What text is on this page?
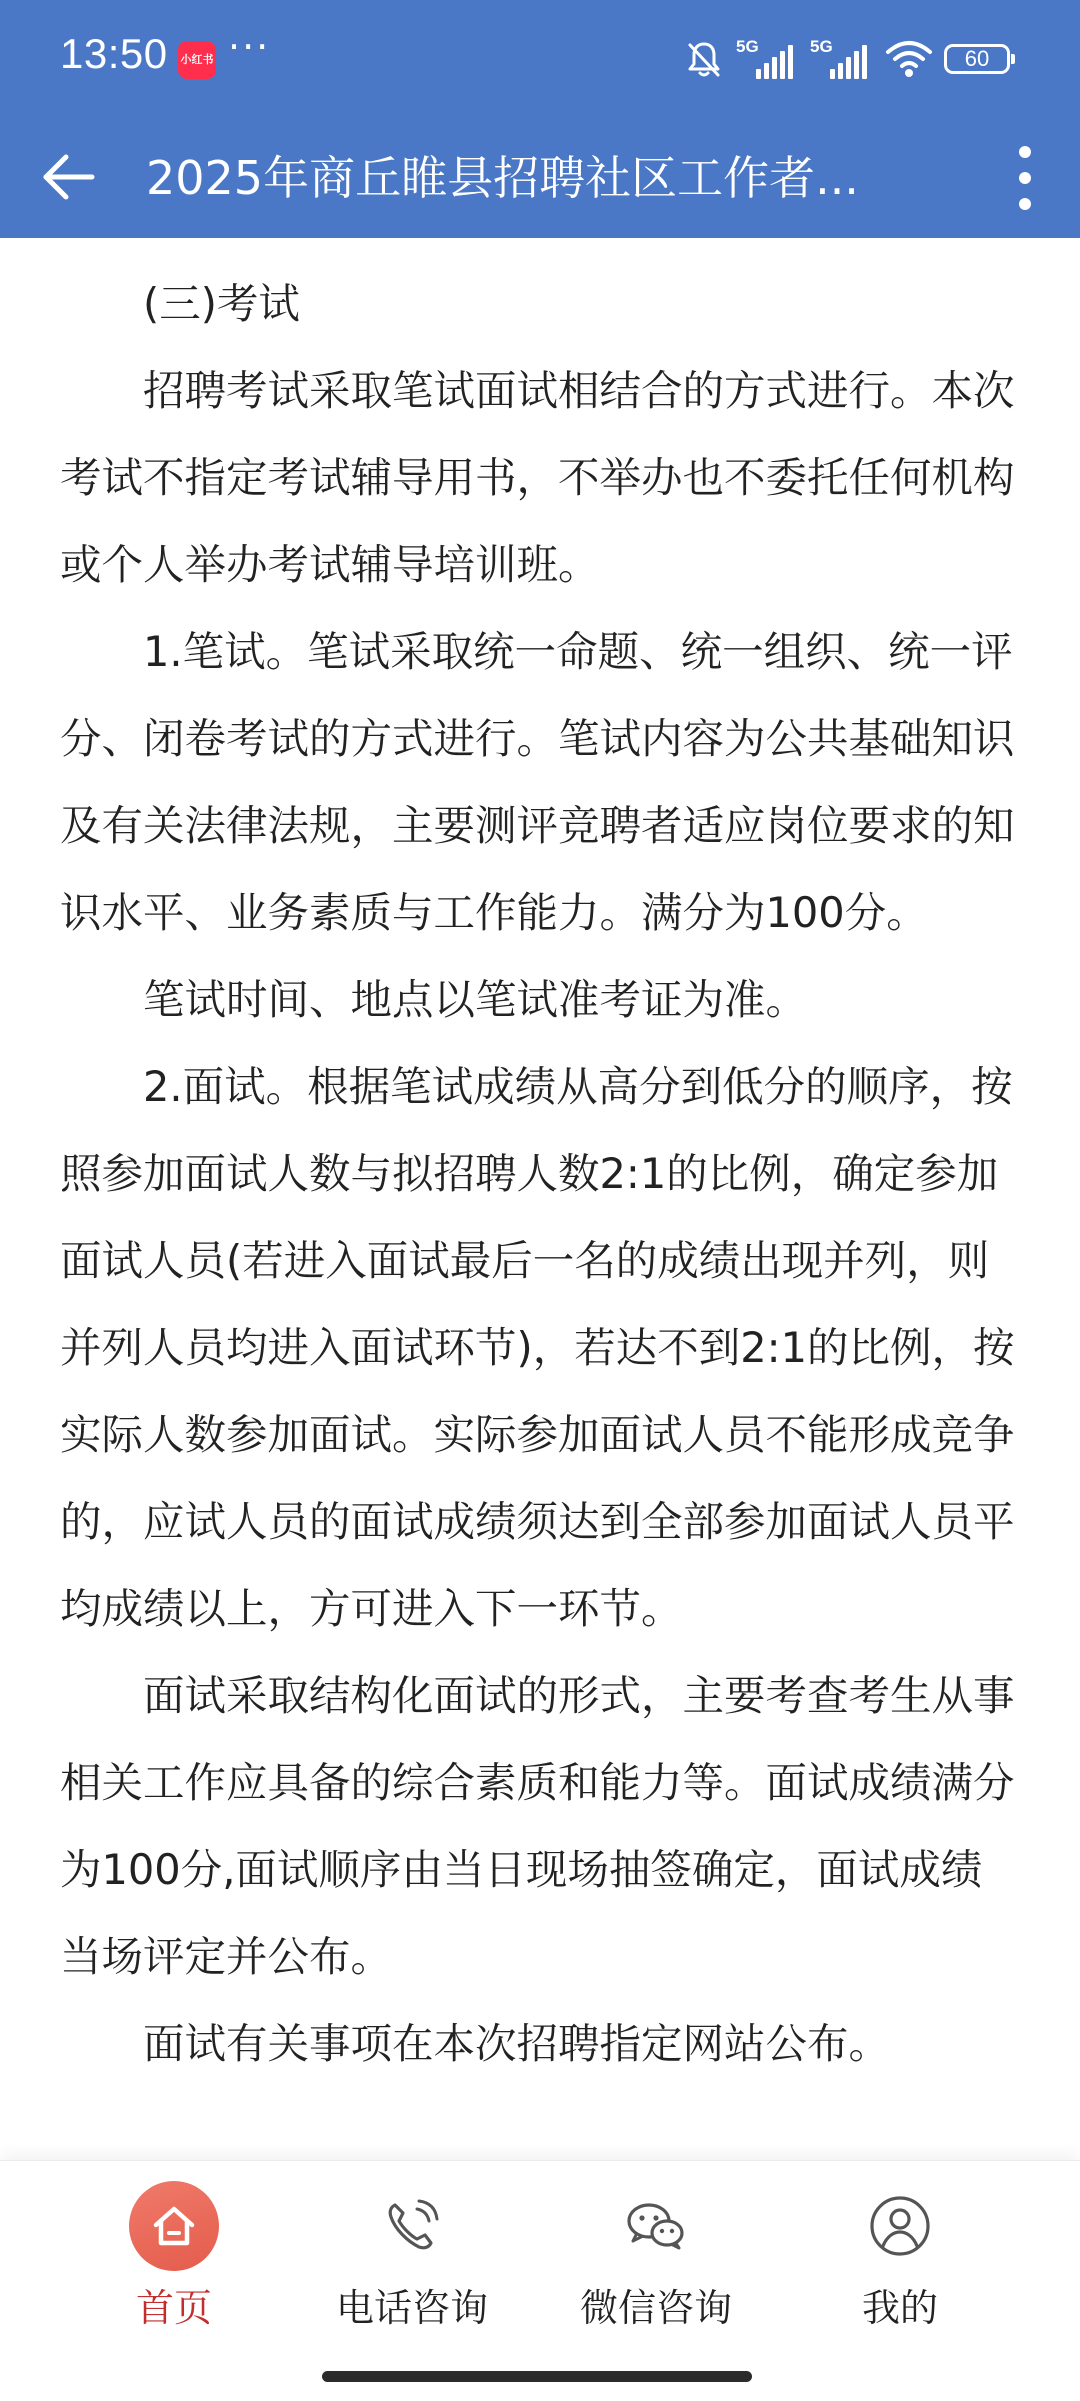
13:50 小红书 ···	5G	5G	60
2025年商丘睢县招聘社区工作者...

(三)考试

招聘考试采取笔试面试相结合的方式进行。本次考试不指定考试辅导用书，不举办也不委托任何机构或个人举办考试辅导培训班。

1.笔试。笔试采取统一命题、统一组织、统一评分、闭卷考试的方式进行。笔试内容为公共基础知识及有关法律法规，主要测评竞聘者适应岗位要求的知识水平、业务素质与工作能力。满分为100分。

笔试时间、地点以笔试准考证为准。

2.面试。根据笔试成绩从高分到低分的顺序，按照参加面试人数与拟招聘人数2:1的比例，确定参加面试人员(若进入面试最后一名的成绩出现并列，则并列人员均进入面试环节)，若达不到2:1的比例，按实际人数参加面试。实际参加面试人员不能形成竞争的，应试人员的面试成绩须达到全部参加面试人员平均成绩以上，方可进入下一环节。

面试采取结构化面试的形式，主要考查考生从事相关工作应具备的综合素质和能力等。面试成绩满分为100分,面试顺序由当日现场抽签确定，面试成绩当场评定并公布。

面试有关事项在本次招聘指定网站公布。

首页	电话咨询	微信咨询	我的
